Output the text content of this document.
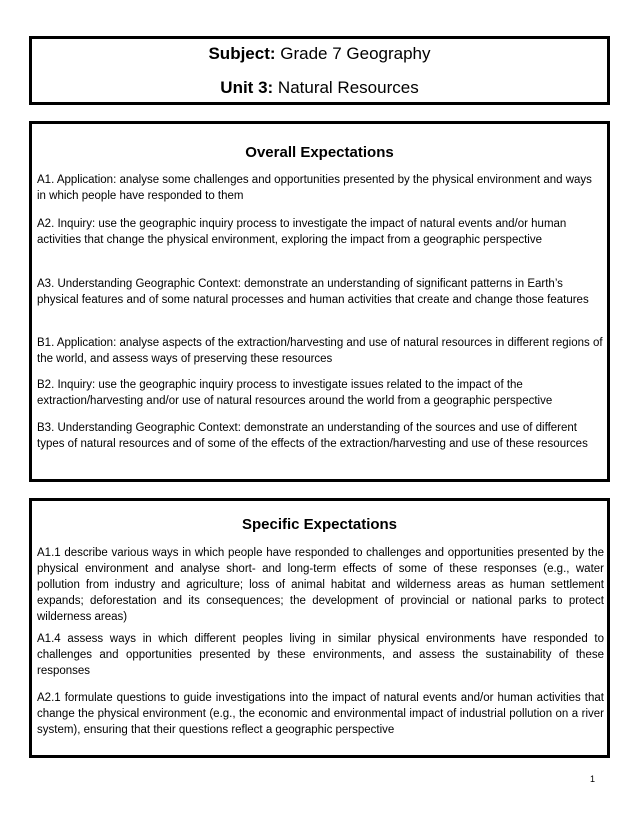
Subject: Grade 7 Geography
Unit 3: Natural Resources
Overall Expectations

A1. Application: analyse some challenges and opportunities presented by the physical environment and ways in which people have responded to them

A2. Inquiry: use the geographic inquiry process to investigate the impact of natural events and/or human activities that change the physical environment, exploring the impact from a geographic perspective

A3. Understanding Geographic Context: demonstrate an understanding of significant patterns in Earth’s physical features and of some natural processes and human activities that create and change those features

B1. Application: analyse aspects of the extraction/harvesting and use of natural resources in different regions of the world, and assess ways of preserving these resources

B2. Inquiry: use the geographic inquiry process to investigate issues related to the impact of the extraction/harvesting and/or use of natural resources around the world from a geographic perspective

B3. Understanding Geographic Context: demonstrate an understanding of the sources and use of different types of natural resources and of some of the effects of the extraction/harvesting and use of these resources

Specific Expectations

A1.1 describe various ways in which people have responded to challenges and opportunities presented by the physical environment and analyse short- and long-term effects of some of these responses (e.g., water pollution from industry and agriculture; loss of animal habitat and wilderness areas as human settlement expands; deforestation and its consequences; the development of provincial or national parks to protect wilderness areas)

A1.4 assess ways in which different peoples living in similar physical environments have responded to challenges and opportunities presented by these environments, and assess the sustainability of these responses

A2.1 formulate questions to guide investigations into the impact of natural events and/or human activities that change the physical environment (e.g., the economic and environmental impact of industrial pollution on a river system), ensuring that their questions reflect a geographic perspective

1
